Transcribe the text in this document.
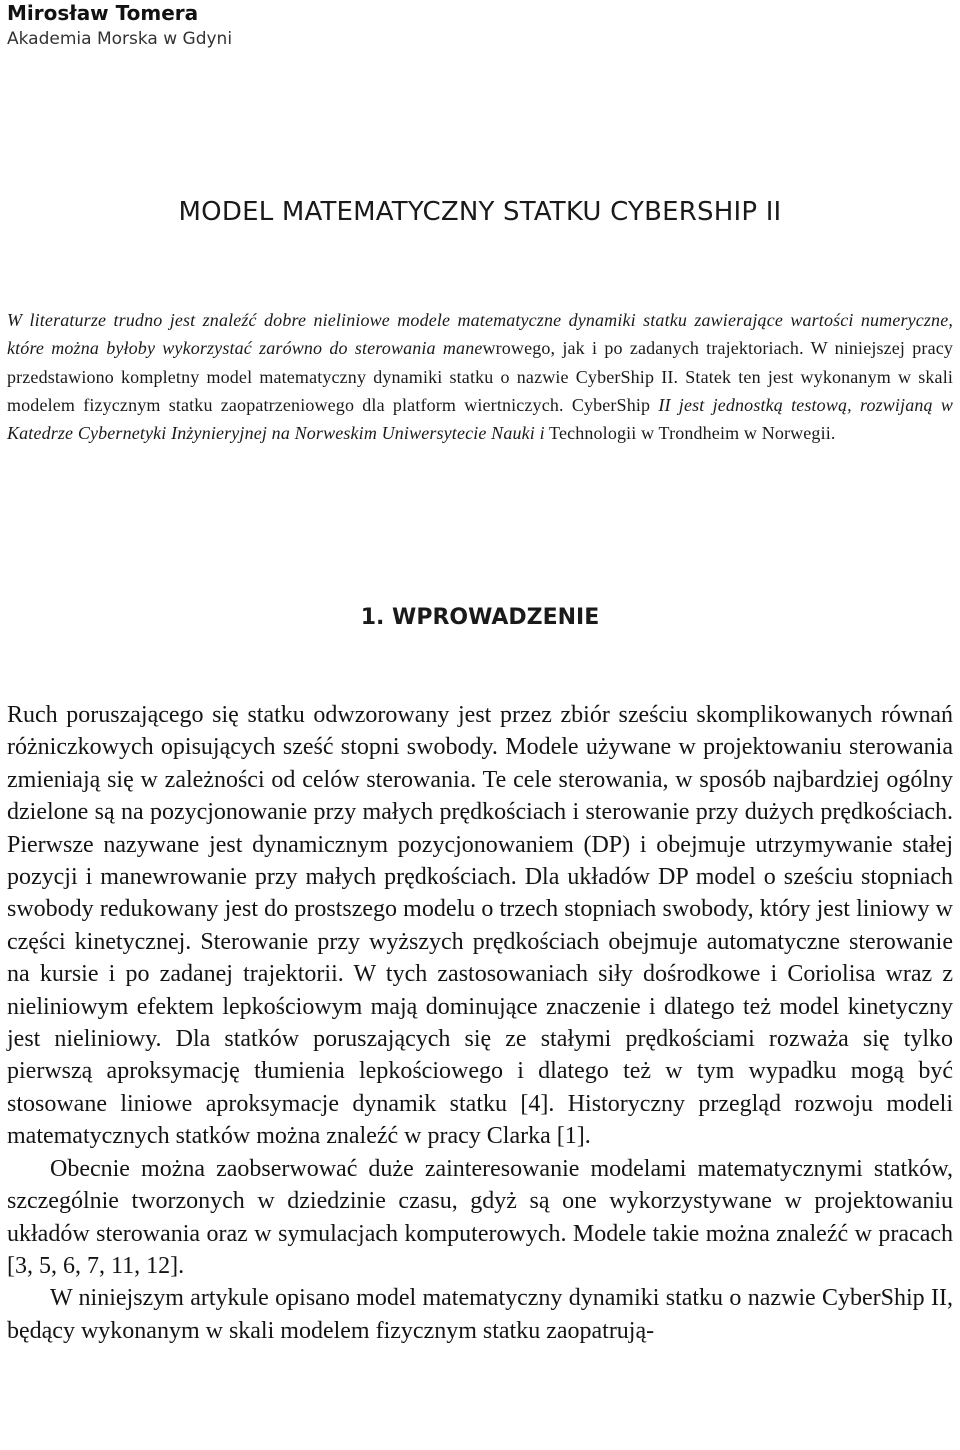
Mirosław Tomera
Akademia Morska w Gdyni
MODEL MATEMATYCZNY STATKU CYBERSHIP II
W literaturze trudno jest znaleźć dobre nieliniowe modele matematyczne dynamiki statku zawierające wartości numeryczne, które można byłoby wykorzystać zarówno do sterowania manewrowego, jak i po zadanych trajektoriach. W niniejszej pracy przedstawiono kompletny model matematyczny dynamiki statku o nazwie CyberShip II. Statek ten jest wykonanym w skali modelem fizycznym statku zaopatrzeniowego dla platform wiertniczych. CyberShip II jest jednostką testową, rozwijaną w Katedrze Cybernetyki Inżynieryjnej na Norweskim Uniwersytecie Nauki i Technologii w Trondheim w Norwegii.
1. WPROWADZENIE

Ruch poruszającego się statku odwzorowany jest przez zbiór sześciu skomplikowanych równań różniczkowych opisujących sześć stopni swobody. Modele używane w projektowaniu sterowania zmieniają się w zależności od celów sterowania. Te cele sterowania, w sposób najbardziej ogólny dzielone są na pozycjonowanie przy małych prędkościach i sterowanie przy dużych prędkościach. Pierwsze nazywane jest dynamicznym pozycjonowaniem (DP) i obejmuje utrzymywanie stałej pozycji i manewrowanie przy małych prędkościach. Dla układów DP model o sześciu stopniach swobody redukowany jest do prostszego modelu o trzech stopniach swobody, który jest liniowy w części kinetycznej. Sterowanie przy wyższych prędkościach obejmuje automatyczne sterowanie na kursie i po zadanej trajektorii. W tych zastosowaniach siły dośrodkowe i Coriolisa wraz z nieliniowym efektem lepkościowym mają dominujące znaczenie i dlatego też model kinetyczny jest nieliniowy. Dla statków poruszających się ze stałymi prędkościami rozważa się tylko pierwszą aproksymację tłumienia lepkościowego i dlatego też w tym wypadku mogą być stosowane liniowe aproksymacje dynamik statku [4]. Historyczny przegląd rozwoju modeli matematycznych statków można znaleźć w pracy Clarka [1].

Obecnie można zaobserwować duże zainteresowanie modelami matematycznymi statków, szczególnie tworzonych w dziedzinie czasu, gdyż są one wykorzystywane w projektowaniu układów sterowania oraz w symulacjach komputerowych. Modele takie można znaleźć w pracach [3, 5, 6, 7, 11, 12].

W niniejszym artykule opisano model matematyczny dynamiki statku o nazwie CyberShip II, będący wykonanym w skali modelem fizycznym statku zaopatrują-
